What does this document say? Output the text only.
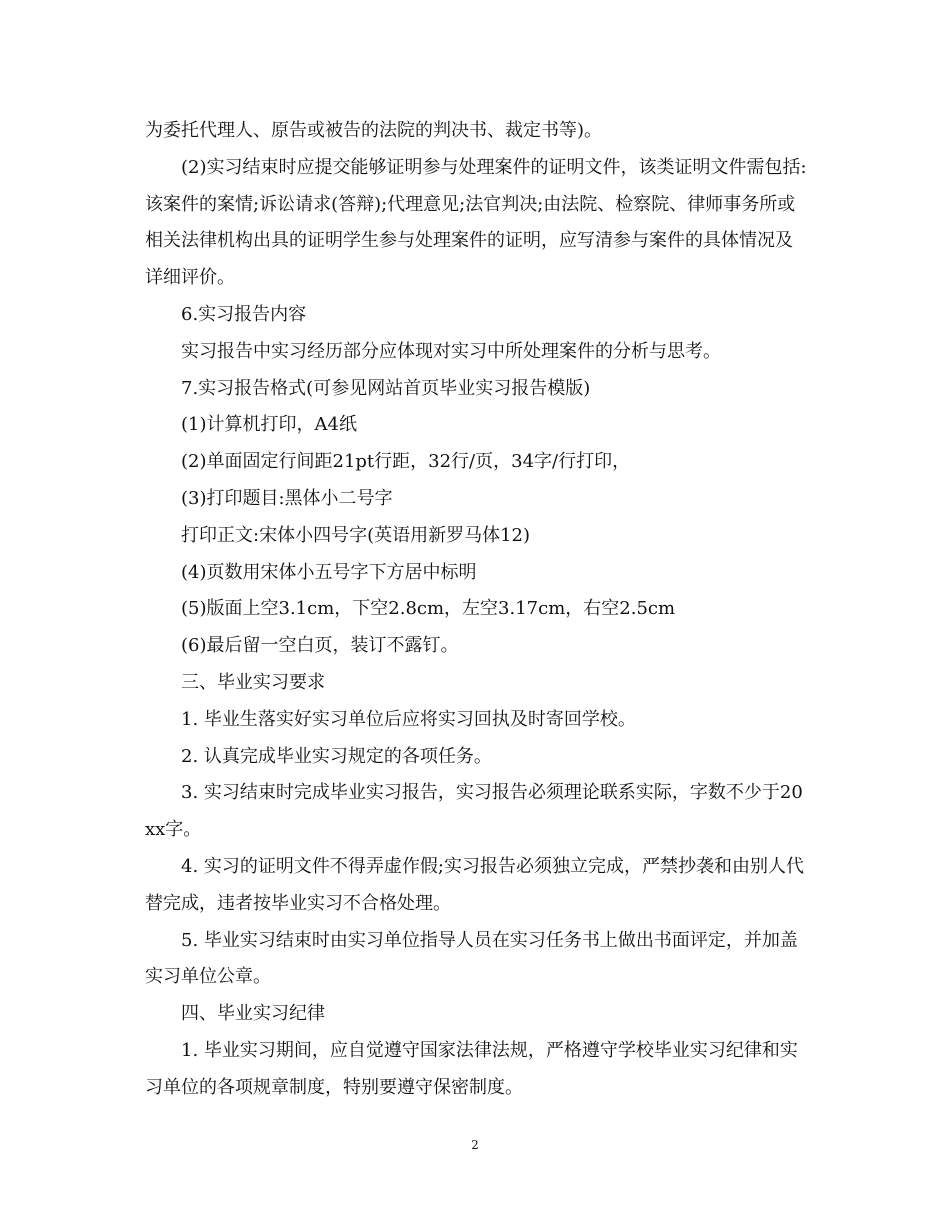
为委托代理人、原告或被告的法院的判决书、裁定书等)。

(2)实习结束时应提交能够证明参与处理案件的证明文件，该类证明文件需包括:该案件的案情;诉讼请求(答辩);代理意见;法官判决;由法院、检察院、律师事务所或相关法律机构出具的证明学生参与处理案件的证明，应写清参与案件的具体情况及详细评价。

6.实习报告内容

实习报告中实习经历部分应体现对实习中所处理案件的分析与思考。

7.实习报告格式(可参见网站首页毕业实习报告模版)

(1)计算机打印，A4纸

(2)单面固定行间距21pt行距，32行/页，34字/行打印，

(3)打印题目:黑体小二号字

打印正文:宋体小四号字(英语用新罗马体12)

(4)页数用宋体小五号字下方居中标明

(5)版面上空3.1cm，下空2.8cm，左空3.17cm，右空2.5cm

(6)最后留一空白页，装订不露钉。

三、毕业实习要求

1. 毕业生落实好实习单位后应将实习回执及时寄回学校。

2. 认真完成毕业实习规定的各项任务。

3. 实习结束时完成毕业实习报告，实习报告必须理论联系实际，字数不少于20xx字。

4. 实习的证明文件不得弄虚作假;实习报告必须独立完成，严禁抄袭和由别人代替完成，违者按毕业实习不合格处理。

5. 毕业实习结束时由实习单位指导人员在实习任务书上做出书面评定，并加盖实习单位公章。

四、毕业实习纪律

1. 毕业实习期间，应自觉遵守国家法律法规，严格遵守学校毕业实习纪律和实习单位的各项规章制度，特别要遵守保密制度。

2
